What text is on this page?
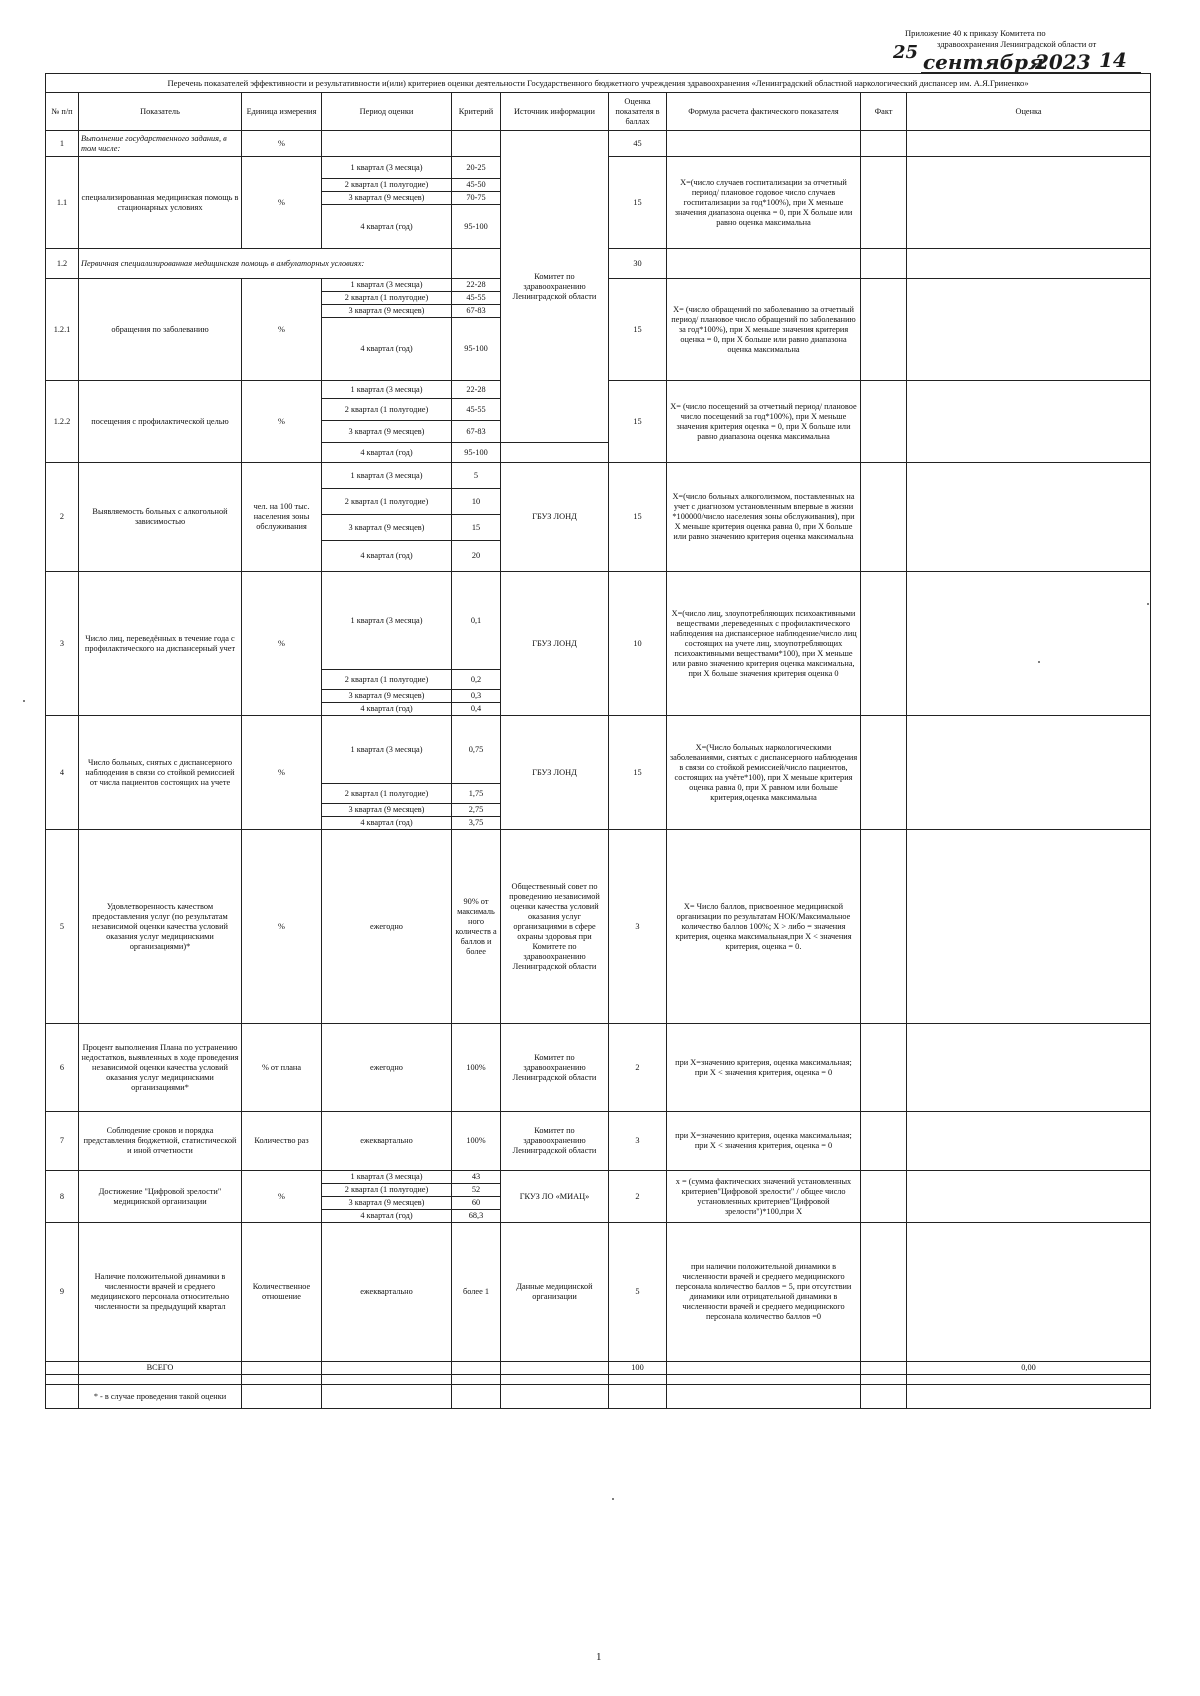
Приложение 40 к приказу Комитета по
здравоохранения Ленинградской области от
25 сентября
2023 14
Перечень показателей эффективности и результативности и(или) критериев оценки деятельности Государственного бюджетного учреждения здравоохранения «Ленинградский областной наркологический диспансер им. А.Я.Гриненко»									
№ п/п	Показатель	Единица измерения	Период оценки	Критерий	Источник информации	Оценка показателя в баллах	Формула расчета фактического показателя	Факт	Оценка
1	Выполнение государственного задания, в том числе:	%			Комитет по здравоохранению Ленинградской области	45			
1.1	специализированная медицинская помощь в стационарных условиях	%	1 квартал (3 месяца)	20-25		15	Х=(число случаев госпитализации за отчетный период/ плановое годовое число случаев госпитализации за год*100%), при Х меньше значения диапазона оценка = 0, при Х больше или равно оценка максимальна		
			2 квартал (1 полугодие)	45-50					
			3 квартал (9 месяцев)	70-75					
			4 квартал (год)	95-100					
1.2	Первичная специализированная медицинская помощь в амбулаторных условиях:					30			
1.2.1	обращения по заболеванию	%	1 квартал (3 месяца)	22-28		15	Х= (число обращений по заболеванию за отчетный период/ плановое число обращений по заболеванию за год*100%), при Х меньше значения критерия оценка = 0, при Х больше или равно диапазона оценка максимальна		
			2 квартал (1 полугодие)	45-55					
			3 квартал (9 месяцев)	67-83					
			4 квартал (год)	95-100					
1.2.2	посещения с профилактической целью	%	1 квартал (3 месяца)	22-28		15	Х= (число посещений за отчетный период/ плановое число посещений за год*100%), при Х меньше значения критерия оценка = 0, при Х больше или равно диапазона оценка максимальна		
			2 квартал (1 полугодие)	45-55					
			3 квартал (9 месяцев)	67-83					
			4 квартал (год)	95-100					
2	Выявляемость больных с алкогольной зависимостью	чел. на 100 тыс. населения зоны обслуживания	1 квартал (3 месяца)	5	ГБУЗ ЛОНД	15	Х=(число больных алкоголизмом, поставленных на учет с диагнозом установленным впервые в жизни *100000/число населения зоны обслуживания), при Х меньше критерия оценка равна 0, при Х больше или равно значению критерия оценка максимальна		
			2 квартал (1 полугодие)	10					
			3 квартал (9 месяцев)	15					
			4 квартал (год)	20					
3	Число лиц, переведённых в течение года с профилактического на диспансерный учет	%	1 квартал (3 месяца)	0,1	ГБУЗ ЛОНД	10	Х=(число лиц, злоупотребляющих психоактивными веществами ,переведенных с профилактического наблюдения на диспансерное наблюдение/число лиц состоящих на учете лиц, злоупотребляющих психоактивными веществами*100), при Х меньше или равно значению критерия оценка максимальна, при Х больше значения критерия оценка 0		
			2 квартал (1 полугодие)	0,2					
			3 квартал (9 месяцев)	0,3					
			4 квартал (год)	0,4					
4	Число больных, снятых с диспансерного наблюдения в связи со стойкой ремиссией от числа пациентов состоящих на учете	%	1 квартал (3 месяца)	0,75	ГБУЗ ЛОНД	15	Х=(Число больных наркологическими заболеваниями, снятых с диспансерного наблюдения в связи со стойкой ремиссией/число пациентов, состоящих на учёте*100), при Х меньше критерия оценка равна 0, при Х равном или больше критерия,оценка максимальна		
			2 квартал (1 полугодие)	1,75					
			3 квартал (9 месяцев)	2,75					
			4 квартал (год)	3,75					
5	Удовлетворенность качеством предоставления услуг (по результатам независимой оценки качества условий оказания услуг медицинскими организациями)*	%	ежегодно	90% от максималь ного количеств а баллов и более	Общественный совет по проведению независимой оценки качества условий оказания услуг организациями в сфере охраны здоровья при Комитете по здравоохранению Ленинградской области	3	Х= Число баллов, присвоенное медицинской организации по результатам НОК/Максимальное количество баллов 100%; Х > либо = значения критерия, оценка максимальная,при Х < значения критерия, оценка = 0.		
6	Процент выполнения Плана по устранению недостатков, выявленных в ходе проведения независимой оценки качества условий оказания услуг медицинскими организациями*	% от плана	ежегодно	100%	Комитет по здравоохранению Ленинградской области	2	при Х=значению критерия, оценка максимальная; при Х < значения критерия, оценка = 0		
7	Соблюдение сроков и порядка представления бюджетной, статистической и иной отчетности	Количество раз	ежеквартально	100%	Комитет по здравоохранению Ленинградской области	3	при Х=значению критерия, оценка максимальная; при Х < значения критерия, оценка = 0		
8	Достижение "Цифровой зрелости" медицинской организации	%	1 квартал (3 месяца)	43	ГКУЗ ЛО «МИАЦ»	2	х = (сумма фактических значений установленных критериев"Цифровой зрелости" / общее число установленных критериев"Цифровой зрелости")*100,при Х		
			2 квартал (1 полугодие)	52					
			3 квартал (9 месяцев)	60					
			4 квартал (год)	68,3					
9	Наличие положительной динамики в численности врачей и среднего медицинского персонала относительно численности за предыдущий квартал	Количественное отношение	ежеквартально	более 1	Данные медицинской организации	5	при наличии положительной динамики в численности врачей и среднего медицинского персонала количество баллов = 5, при отсутствии динамики или отрицательной динамики в численности врачей и среднего медицинского персонала количество баллов =0		
	ВСЕГО					100			0,00

	* - в случае проведения такой оценки								
1
